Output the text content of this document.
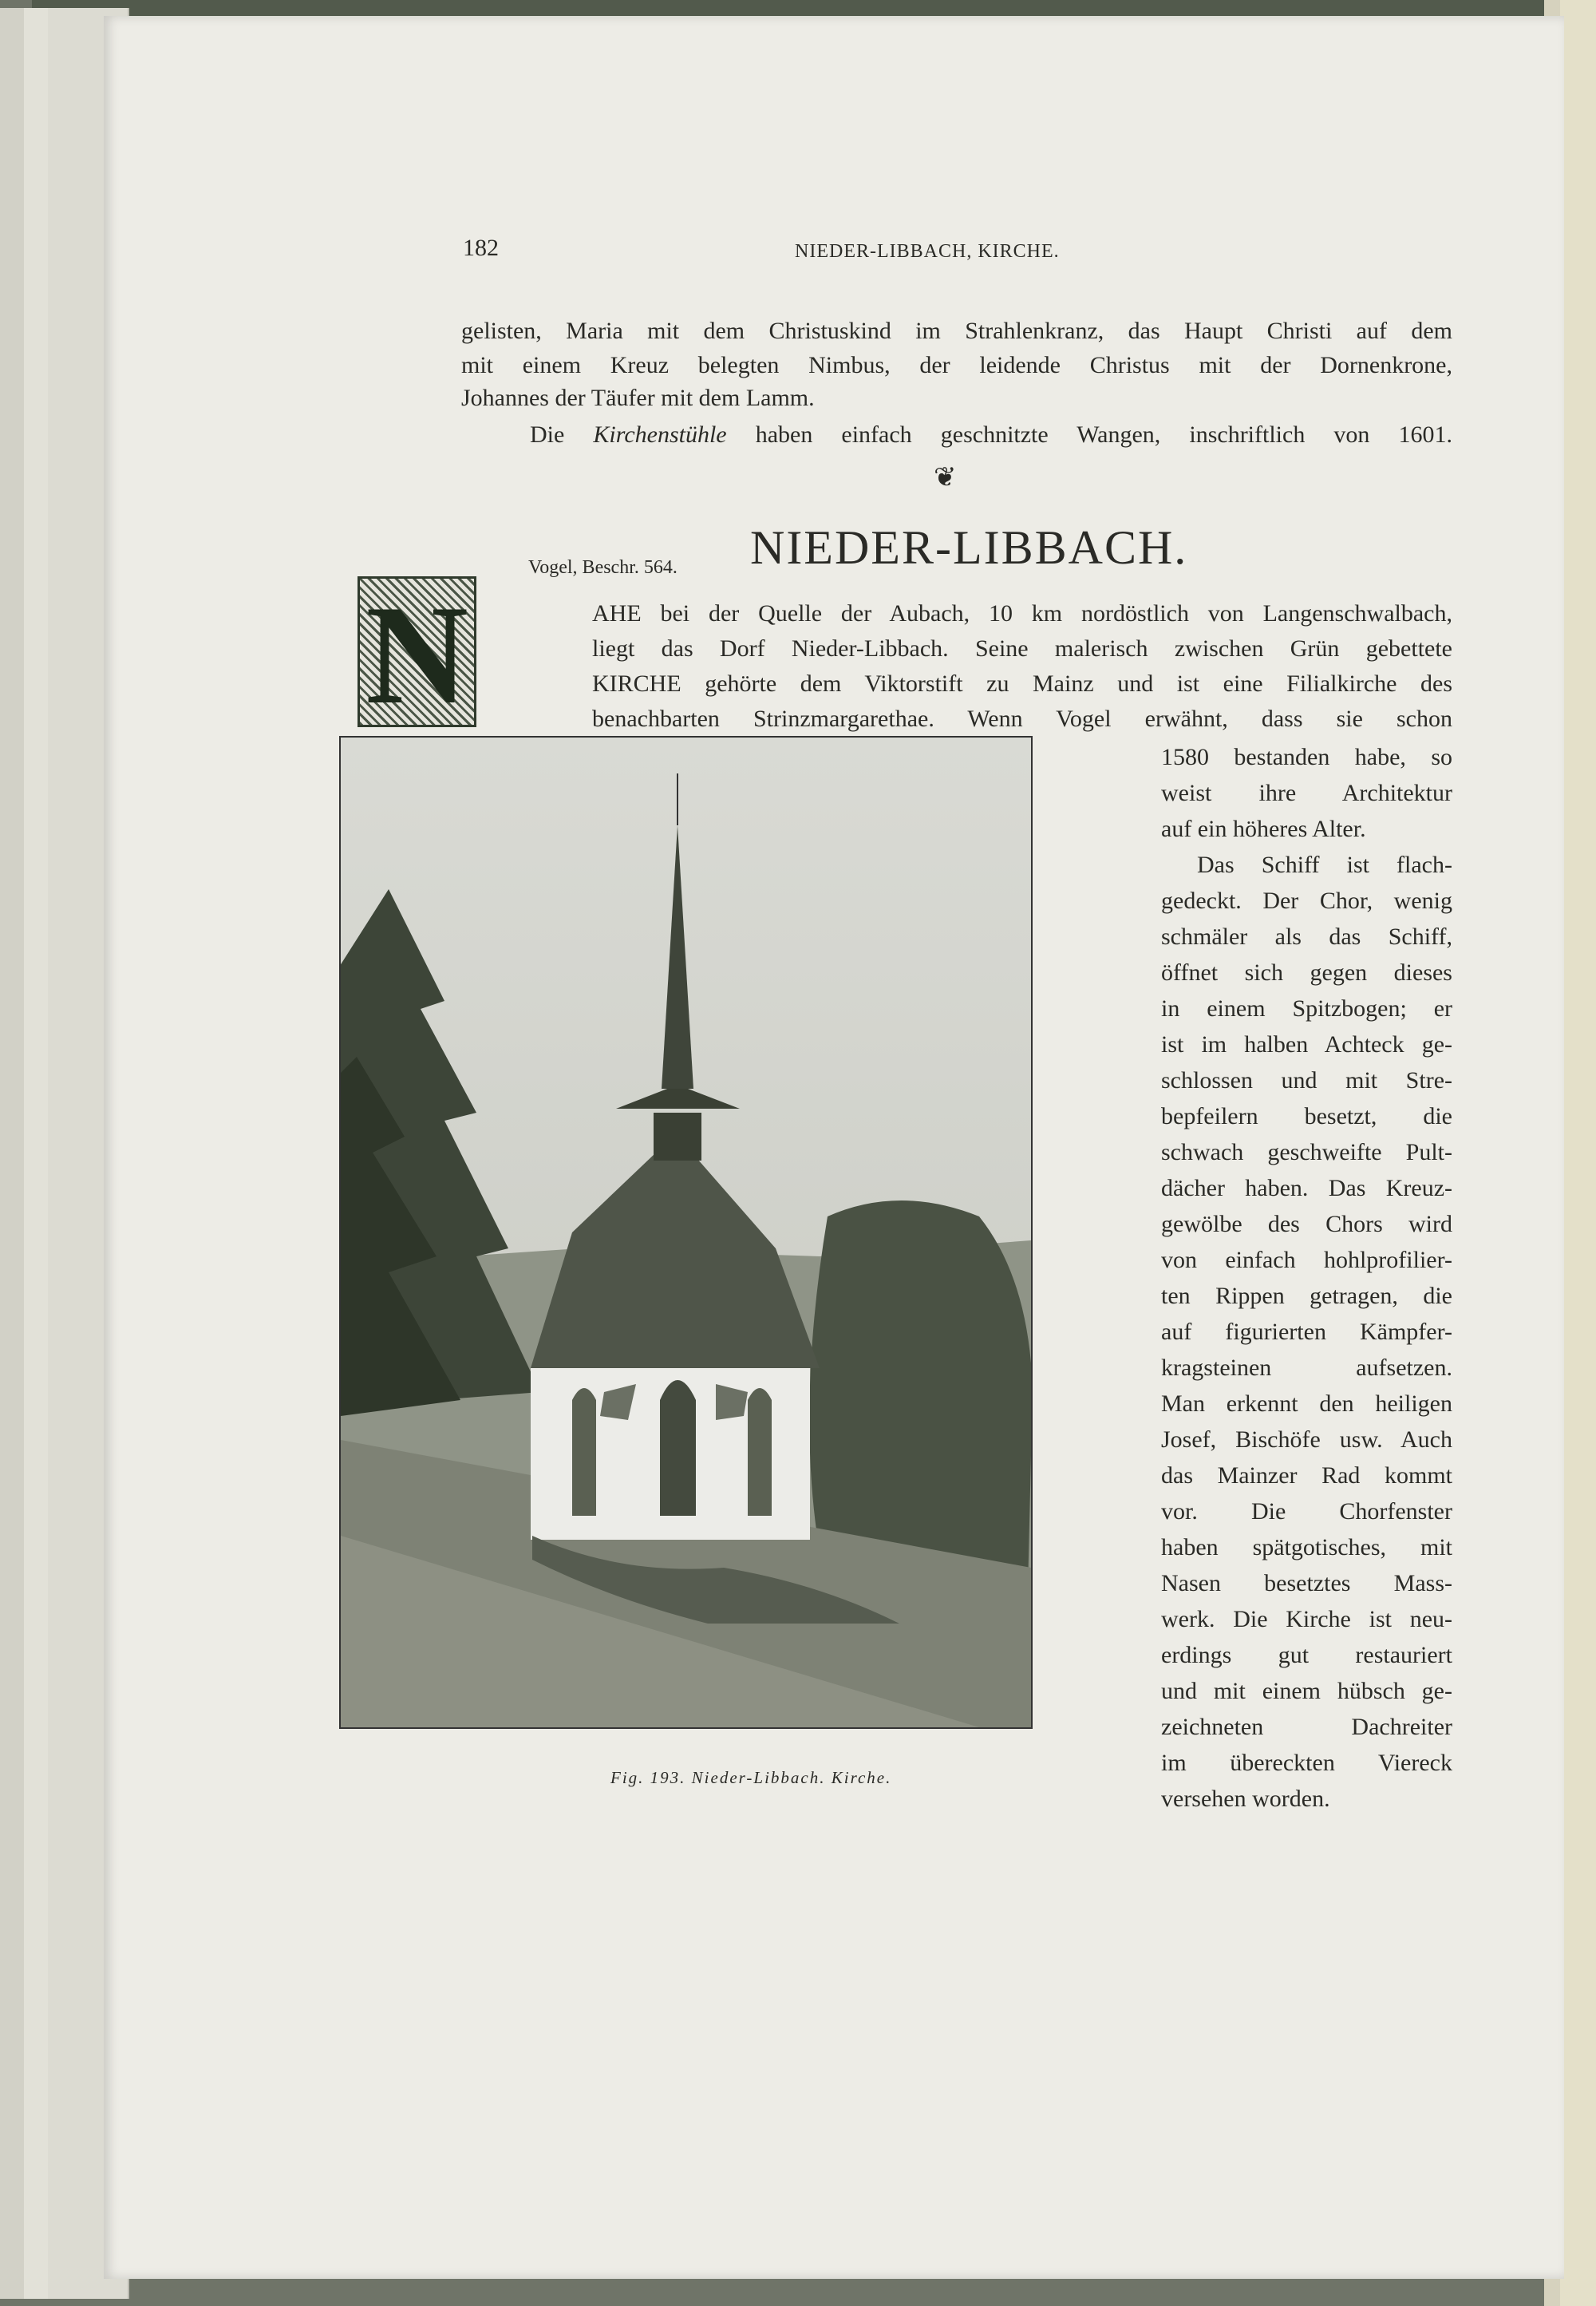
182	NIEDER-LIBBACH, KIRCHE.
gelisten, Maria mit dem Christuskind im Strahlenkranz, das Haupt Christi auf dem
mit einem Kreuz belegten Nimbus, der leidende Christus mit der Dornenkrone,
Johannes der Täufer mit dem Lamm.
Die Kirchenstühle haben einfach geschnitzte Wangen, inschriftlich von 1601.
❦
Vogel, Beschr. 564. NIEDER-LIBBACH.
N	AHE bei der Quelle der Aubach, 10 km nordöstlich von Langenschwalbach,
liegt das Dorf Nieder-Libbach. Seine malerisch zwischen Grün gebettete
KIRCHE gehörte dem Viktorstift zu Mainz und ist eine Filialkirche des
benachbarten Strinzmargarethae. Wenn Vogel erwähnt, dass sie schon
Fig. 193. Nieder-Libbach. Kirche.
1580 bestanden habe, so
weist ihre Architektur
auf ein höheres Alter.
Das Schiff ist flach-
gedeckt. Der Chor, wenig
schmäler als das Schiff,
öffnet sich gegen dieses
in einem Spitzbogen; er
ist im halben Achteck ge-
schlossen und mit Stre-
bepfeilern besetzt, die
schwach geschweifte Pult-
dächer haben. Das Kreuz-
gewölbe des Chors wird
von einfach hohlprofilier-
ten Rippen getragen, die
auf figurierten Kämpfer-
kragsteinen aufsetzen.
Man erkennt den heiligen
Josef, Bischöfe usw. Auch
das Mainzer Rad kommt
vor. Die Chorfenster
haben spätgotisches, mit
Nasen besetztes Mass-
werk. Die Kirche ist neu-
erdings gut restauriert
und mit einem hübsch ge-
zeichneten Dachreiter
im übereckten Viereck
versehen worden.
